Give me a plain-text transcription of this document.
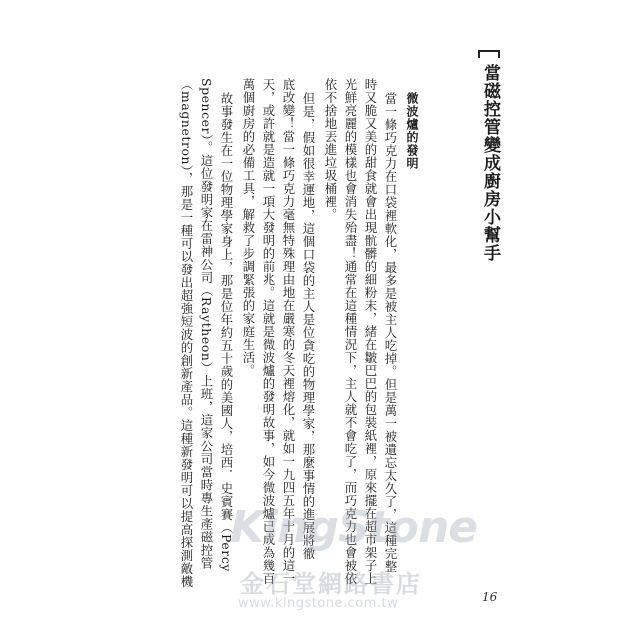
當磁控管變成廚房小幫手
微波爐的發明
當一條巧克力在口袋裡軟化，最多是被主人吃掉。但是萬一被遺忘太久了，這種完整
時又脆又美的甜食就會出現骯髒的細粉末，緒在皺巴巴的包裝紙裡，原來擺在超市架子上
光鮮亮麗的模樣也會消失殆盡！通常在這種情況下，主人就不會吃了，而巧克力也會被依
依不捨地丟進垃圾桶裡。
但是，假如很幸運地，這個口袋的主人是位貪吃的物理學家，那麼事情的進展將徹
底改變！當一條巧克力毫無特殊理由地在嚴寒的冬天裡熔化，就如一九四五年十月的這一
天，或許就是造就一項大發明的前兆。這就是微波爐的發明故事，如今微波爐已成為幾百
萬個廚房的必備工具，解救了步調緊張的家庭生活。
故事發生在一位物理學家身上，那是位年約五十歲的美國人，培西．史賓賽（Percy
Spencer）。這位發明家在雷神公司（Raytheon）上班，這家公司當時專生產磁控管
（magnetron），那是一種可以發出超強短波的創新產品。這種新發明可以提高探測敵機 KingStone
金石堂網路書店
www.kingstone.com.tw	16
